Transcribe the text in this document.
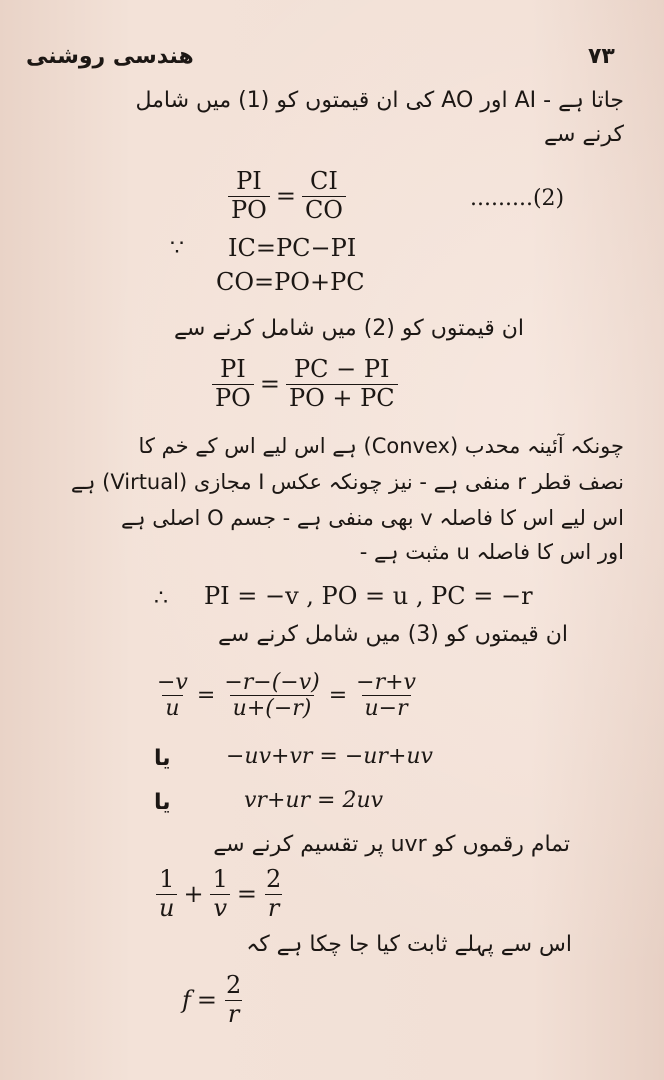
هندسی روشنی	۷۳
جاتا ہے - AI اور AO کی ان قیمتوں کو (1) میں شامل
کرنے سے
$\frac{PI}{PO} = \frac{CI}{CO}$	.........(2)
∵ IC=PC−PI
CO=PO+PC
ان قیمتوں کو (2) میں شامل کرنے سے
$\frac{PI}{PO} = \frac{PC - PI}{PO + PC}$
چونکہ آئینہ محدب (Convex) ہے اس لیے اس کے خم کا
نصف قطر r منفی ہے - نیز چونکہ عکس I مجازی (Virtual) ہے
اس لیے اس کا فاصلہ v بھی منفی ہے - جسم O اصلی ہے
اور اس کا فاصلہ u مثبت ہے -
∴ PI = −v , PO = u , PC = −r
ان قیمتوں کو (3) میں شامل کرنے سے
$\frac{-v}{u} = \frac{-r-(-v)}{u+(-r)} = \frac{-r+v}{u-r}$
یا	−uv+vr = −ur+uv
یا	vr+ur = 2uv
تمام رقموں کو uvr پر تقسیم کرنے سے
$\frac{1}{u} + \frac{1}{v} = \frac{2}{r}$
اس سے پہلے ثابت کیا جا چکا ہے کہ
$f = \frac{2}{r}$
